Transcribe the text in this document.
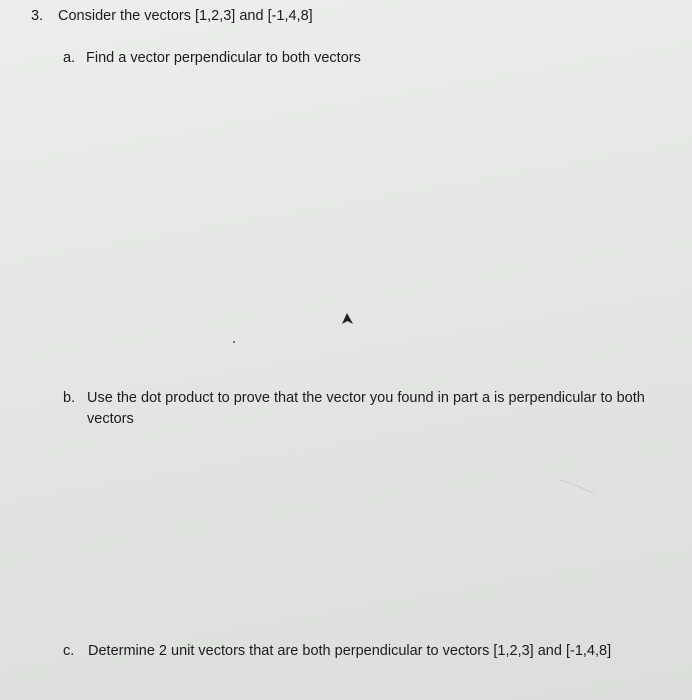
3. Consider the vectors [1,2,3] and [-1,4,8]
a. Find a vector perpendicular to both vectors
b. Use the dot product to prove that the vector you found in part a is perpendicular to both vectors
c. Determine 2 unit vectors that are both perpendicular to vectors [1,2,3] and [-1,4,8]
